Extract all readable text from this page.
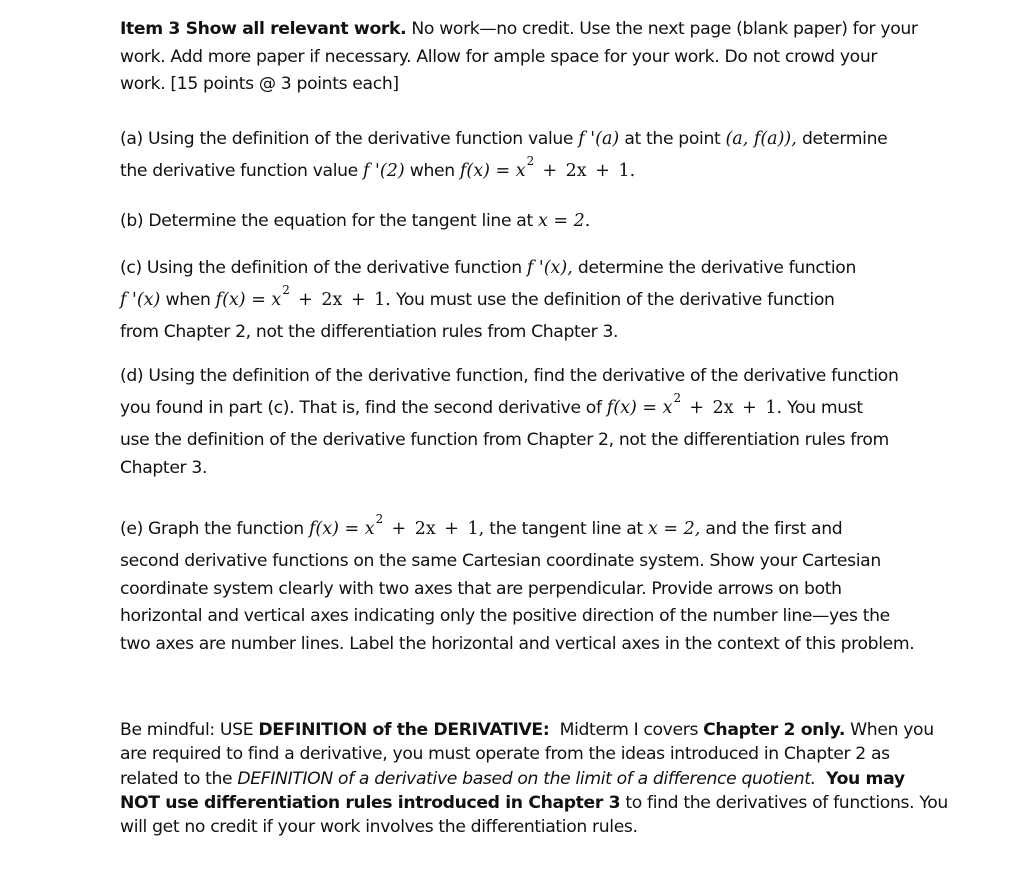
Item 3 Show all relevant work. No work—no credit. Use the next page (blank paper) for your
work. Add more paper if necessary. Allow for ample space for your work. Do not crowd your
work. [15 points @ 3 points each]

(a) Using the definition of the derivative function value f '(a) at the point (a, f(a)), determine
the derivative function value f '(2) when $f(x) = x^2 + 2x + 1$.

(b) Determine the equation for the tangent line at x = 2.

(c) Using the definition of the derivative function f '(x), determine the derivative function
f '(x) when $f(x) = x^2 + 2x + 1$. You must use the definition of the derivative function
from Chapter 2, not the differentiation rules from Chapter 3.

(d) Using the definition of the derivative function, find the derivative of the derivative function
you found in part (c). That is, find the second derivative of $f(x) = x^2 + 2x + 1$. You must
use the definition of the derivative function from Chapter 2, not the differentiation rules from
Chapter 3.

(e) Graph the function $f(x) = x^2 + 2x + 1$, the tangent line at x = 2, and the first and
second derivative functions on the same Cartesian coordinate system. Show your Cartesian
coordinate system clearly with two axes that are perpendicular. Provide arrows on both
horizontal and vertical axes indicating only the positive direction of the number line—yes the
two axes are number lines. Label the horizontal and vertical axes in the context of this problem.

Be mindful: USE DEFINITION of the DERIVATIVE:  Midterm I covers Chapter 2 only. When you
are required to find a derivative, you must operate from the ideas introduced in Chapter 2 as
related to the DEFINITION of a derivative based on the limit of a difference quotient. You may
NOT use differentiation rules introduced in Chapter 3 to find the derivatives of functions. You
will get no credit if your work involves the differentiation rules.
